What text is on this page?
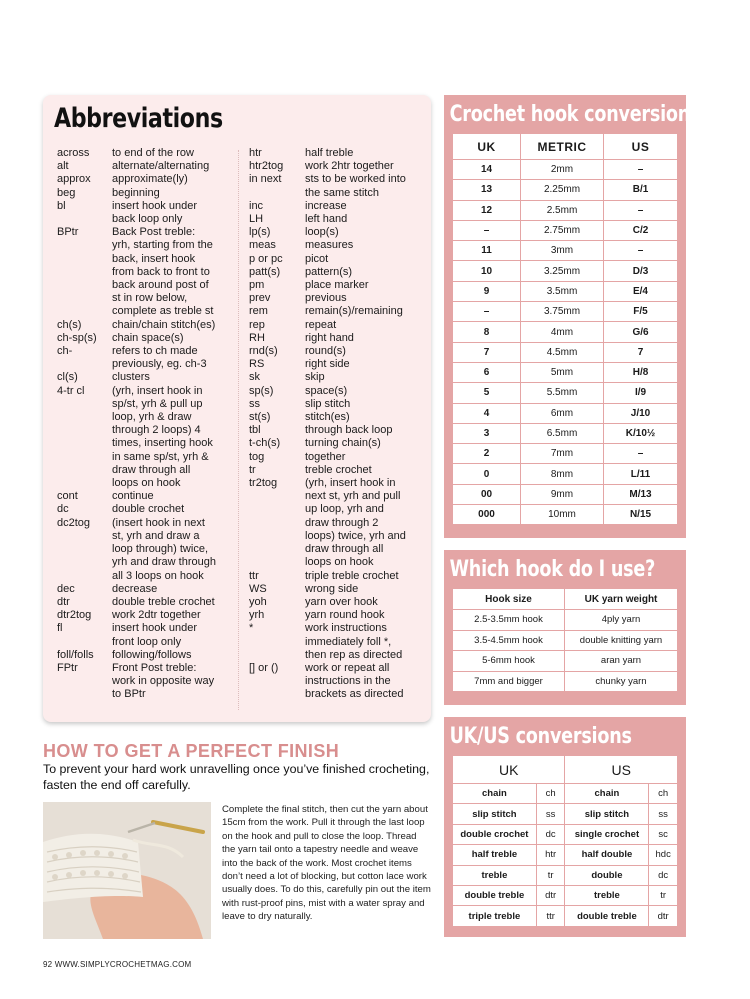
Abbreviations
across	to end of the row
alt	alternate/alternating
approx	approximate(ly)
beg	beginning
bl	insert hook under
back loop only
BPtr	Back Post treble:
yrh, starting from the
back, insert hook
from back to front to
back around post of
st in row below,
complete as treble st
ch(s)	chain/chain stitch(es)
ch-sp(s)	chain space(s)
ch-	refers to ch made
previously, eg. ch-3
cl(s)	clusters
4-tr cl	(yrh, insert hook in
sp/st, yrh & pull up
loop, yrh & draw
through 2 loops) 4
times, inserting hook
in same sp/st, yrh &
draw through all
loops on hook
cont	continue
dc	double crochet
dc2tog	(insert hook in next
st, yrh and draw a
loop through) twice,
yrh and draw through
all 3 loops on hook
dec	decrease
dtr	double treble crochet
dtr2tog	work 2dtr together
fl	insert hook under
front loop only
foll/folls	following/follows
FPtr	Front Post treble:
work in opposite way
to BPtr
htr	half treble
htr2tog	work 2htr together
in next	sts to be worked into
the same stitch
inc	increase
LH	left hand
lp(s)	loop(s)
meas	measures
p or pc	picot
patt(s)	pattern(s)
pm	place marker
prev	previous
rem	remain(s)/remaining
rep	repeat
RH	right hand
rnd(s)	round(s)
RS	right side
sk	skip
sp(s)	space(s)
ss	slip stitch
st(s)	stitch(es)
tbl	through back loop
t-ch(s)	turning chain(s)
tog	together
tr	treble crochet
tr2tog	(yrh, insert hook in
next st, yrh and pull
up loop, yrh and
draw through 2
loops) twice, yrh and
draw through all
loops on hook
ttr	triple treble crochet
WS	wrong side
yoh	yarn over hook
yrh	yarn round hook
*	work instructions
immediately foll *,
then rep as directed
[] or ()	work or repeat all
instructions in the
brackets as directed
Crochet hook conversions
UK	METRIC	US
14	2mm	–
13	2.25mm	B/1
12	2.5mm	–
–	2.75mm	C/2
11	3mm	–
10	3.25mm	D/3
9	3.5mm	E/4
–	3.75mm	F/5
8	4mm	G/6
7	4.5mm	7
6	5mm	H/8
5	5.5mm	I/9
4	6mm	J/10
3	6.5mm	K/10½
2	7mm	–
0	8mm	L/11
00	9mm	M/13
000	10mm	N/15
Which hook do I use?
Hook size	UK yarn weight
2.5-3.5mm hook	4ply yarn
3.5-4.5mm hook	double knitting yarn
5-6mm hook	aran yarn
7mm and bigger	chunky yarn
UK/US conversions
UK		US	
chain	ch	chain	ch
slip stitch	ss	slip stitch	ss
double crochet	dc	single crochet	sc
half treble	htr	half double	hdc
treble	tr	double	dc
double treble	dtr	treble	tr
triple treble	ttr	double treble	dtr
HOW TO GET A PERFECT FINISH

To prevent your hard work unravelling once you’ve finished crocheting, fasten the end off carefully.

Complete the final stitch, then cut the yarn about 15cm from the work. Pull it through the last loop on the hook and pull to close the loop. Thread the yarn tail onto a tapestry needle and weave into the back of the work. Most crochet items don’t need a lot of blocking, but cotton lace work usually does. To do this, carefully pin out the item with rust-proof pins, mist with a water spray and leave to dry naturally.

92 WWW.SIMPLYCROCHETMAG.COM
